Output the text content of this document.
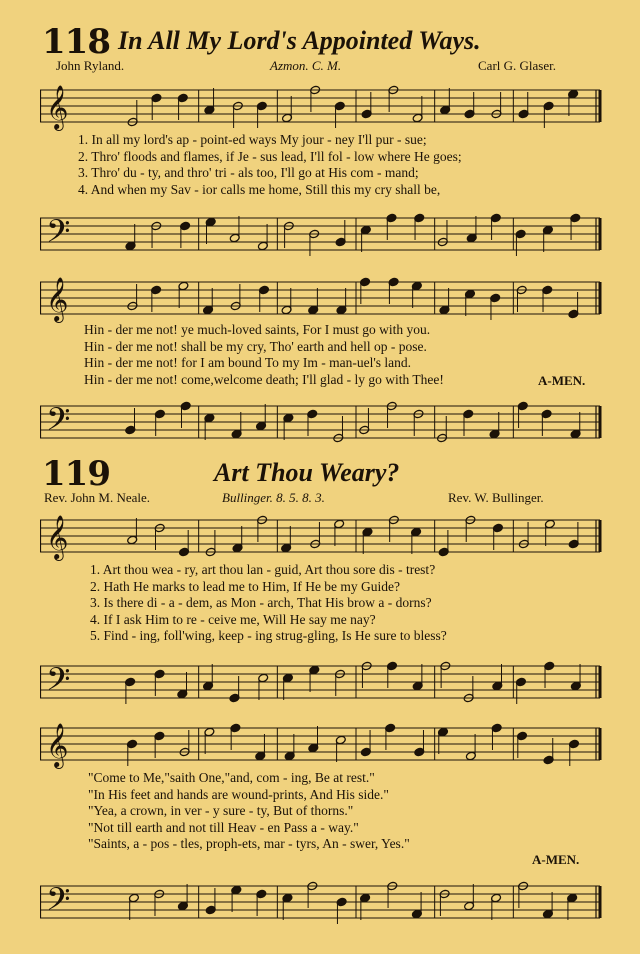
118 In All My Lord's Appointed Ways.
John Ryland.	Azmon. C. M.	Carl G. Glaser.
𝄞
𝄢
𝄞
𝄢
1. In all my lord's ap - point-ed ways My jour - ney I'll pur - sue;
2. Thro' floods and flames, if Je - sus lead, I'll fol - low where He goes;
3. Thro' du - ty, and thro' tri - als too, I'll go at His com - mand;
4. And when my Sav - ior calls me home, Still this my cry shall be,
Hin - der me not! ye much-loved saints, For I must go with you.
Hin - der me not! shall be my cry, Tho' earth and hell op - pose.
Hin - der me not! for I am bound To my Im - man-uel's land.
Hin - der me not! come,welcome death; I'll glad - ly go with Thee!	A-MEN.
119	Art Thou Weary?
Rev. John M. Neale.	Bullinger. 8. 5. 8. 3.	Rev. W. Bullinger.
𝄞
𝄢
𝄞
𝄢
1. Art thou wea - ry, art thou lan - guid, Art thou sore dis - trest?
2. Hath He marks to lead me to Him, If He be my Guide?
3. Is there di - a - dem, as Mon - arch, That His brow a - dorns?
4. If I ask Him to re - ceive me, Will He say me nay?
5. Find - ing, foll'wing, keep - ing strug-gling, Is He sure to bless?
"Come to Me,"saith One,"and, com - ing, Be at rest."
"In His feet and hands are wound-prints, And His side."
"Yea, a crown, in ver - y sure - ty, But of thorns."
"Not till earth and not till Heav - en Pass a - way."
"Saints, a - pos - tles, proph-ets, mar - tyrs, An - swer, Yes."
A-MEN.
